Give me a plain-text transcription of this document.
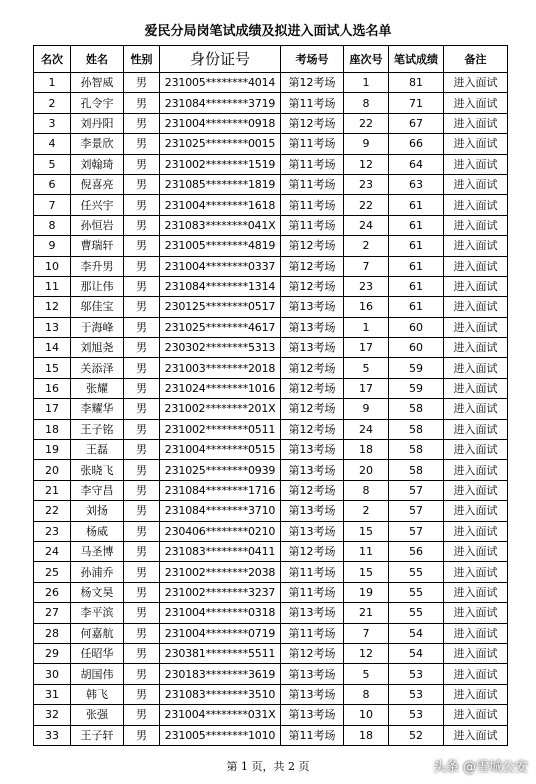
爱民分局岗笔试成绩及拟进入面试人选名单
名次	姓名	性别	身份证号	考场号	座次号	笔试成绩	备注
1	孙智威	男	231005********4014	第12考场	1	81	进入面试
2	孔令宇	男	231084********3719	第11考场	8	71	进入面试
3	刘丹阳	男	231004********0918	第12考场	22	67	进入面试
4	李景欣	男	231025********0015	第11考场	9	66	进入面试
5	刘翰琦	男	231002********1519	第11考场	12	64	进入面试
6	倪喜亮	男	231085********1819	第11考场	23	63	进入面试
7	任兴宇	男	231004********1618	第11考场	22	61	进入面试
8	孙恒岩	男	231083********041X	第11考场	24	61	进入面试
9	曹瑞轩	男	231005********4819	第12考场	2	61	进入面试
10	李升男	男	231004********0337	第12考场	7	61	进入面试
11	那让伟	男	231084********1314	第12考场	23	61	进入面试
12	邬佳宝	男	230125********0517	第13考场	16	61	进入面试
13	于海峰	男	231025********4617	第13考场	1	60	进入面试
14	刘旭尧	男	230302********5313	第13考场	17	60	进入面试
15	关添泽	男	231003********2018	第12考场	5	59	进入面试
16	张耀	男	231024********1016	第12考场	17	59	进入面试
17	李耀华	男	231002********201X	第12考场	9	58	进入面试
18	王子铭	男	231002********0511	第12考场	24	58	进入面试
19	王磊	男	231004********0515	第13考场	18	58	进入面试
20	张晓飞	男	231025********0939	第13考场	20	58	进入面试
21	李守昌	男	231084********1716	第12考场	8	57	进入面试
22	刘扬	男	231084********3710	第13考场	2	57	进入面试
23	杨威	男	230406********0210	第13考场	15	57	进入面试
24	马圣博	男	231083********0411	第12考场	11	56	进入面试
25	孙浦乔	男	231002********2038	第11考场	15	55	进入面试
26	杨文昊	男	231002********3237	第11考场	19	55	进入面试
27	李平滨	男	231004********0318	第13考场	21	55	进入面试
28	何嘉航	男	231004********0719	第11考场	7	54	进入面试
29	任昭华	男	230381********5511	第12考场	12	54	进入面试
30	胡国伟	男	230183********3619	第13考场	5	53	进入面试
31	韩飞	男	231083********3510	第13考场	8	53	进入面试
32	张强	男	231004********031X	第13考场	10	53	进入面试
33	王子轩	男	231005********1010	第11考场	18	52	进入面试
第 1 页，共 2 页	头条 @雪城公安
